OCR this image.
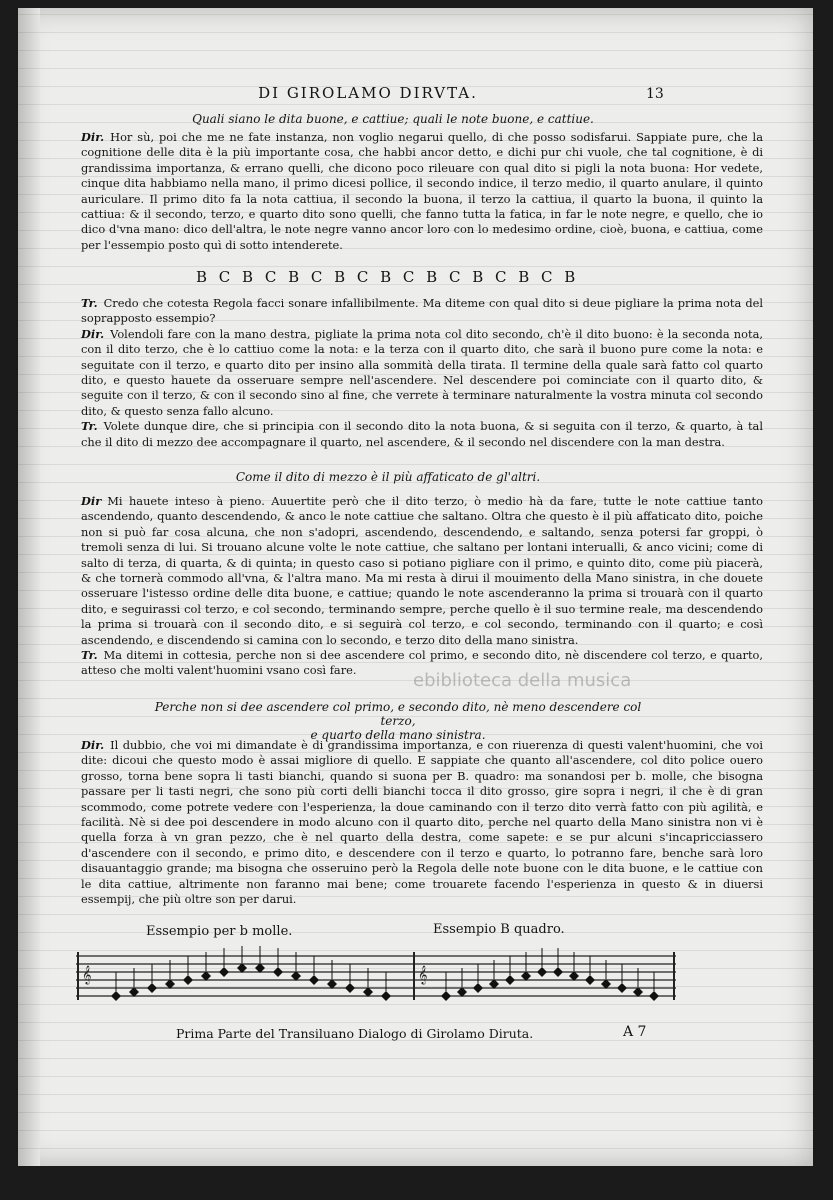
DI GIROLAMO DIRVTA.	13
Quali siano le dita buone, e cattiue; quali le note buone, e cattiue.
Dir. Hor sù, poi che me ne fate instanza, non voglio negarui quello, di che posso sodisfarui. Sappiate pure, che la cognitione delle dita è la più importante cosa, che habbi ancor detto, e dichi pur chi vuole, che tal cognitione, è di grandissima importanza, & errano quelli, che dicono poco rileuare con qual dito si pigli la nota buona: Hor vedete, cinque dita habbiamo nella mano, il primo dicesi pollice, il secondo indice, il terzo medio, il quarto anulare, il quinto auriculare. Il primo dito fa la nota cattiua, il secondo la buona, il terzo la cattiua, il quarto la buona, il quinto la cattiua: & il secondo, terzo, e quarto dito sono quelli, che fanno tutta la fatica, in far le note negre, e quello, che io dico d'vna mano: dico dell'altra, le note negre vanno ancor loro con lo medesimo ordine, cioè, buona, e cattiua, come per l'essempio posto quì di sotto intenderete.
B C B C B C B C B C B C B C B C B
Tr. Credo che cotesta Regola facci sonare infallibilmente. Ma diteme con qual dito si deue pigliare la prima nota del soprapposto essempio?
Dir. Volendoli fare con la mano destra, pigliate la prima nota col dito secondo, ch'è il dito buono: è la seconda nota, con il dito terzo, che è lo cattiuo come la nota: e la terza con il quarto dito, che sarà il buono pure come la nota: e seguitate con il terzo, e quarto dito per insino alla sommità della tirata. Il termine della quale sarà fatto col quarto dito, e questo hauete da osseruare sempre nell'ascendere. Nel descendere poi cominciate con il quarto dito, & seguite con il terzo, & con il secondo sino al fine, che verrete à terminare naturalmente la vostra minuta col secondo dito, & questo senza fallo alcuno.
Tr. Volete dunque dire, che si principia con il secondo dito la nota buona, & si seguita con il terzo, & quarto, à tal che il dito di mezzo dee accompagnare il quarto, nel ascendere, & il secondo nel discendere con la man destra.
Come il dito di mezzo è il più affaticato de gl'altri.
Dir Mi hauete inteso à pieno. Auuertite però che il dito terzo, ò medio hà da fare, tutte le note cattiue tanto ascendendo, quanto descendendo, & anco le note cattiue che saltano. Oltra che questo è il più affaticato dito, poiche non si può far cosa alcuna, che non s'adopri, ascendendo, descendendo, e saltando, senza potersi far groppi, ò tremoli senza di lui. Si trouano alcune volte le note cattiue, che saltano per lontani interualli, & anco vicini; come di salto di terza, di quarta, & di quinta; in questo caso si potiano pigliare con il primo, e quinto dito, come più piacerà, & che tornerà commodo all'vna, & l'altra mano. Ma mi resta à dirui il mouimento della Mano sinistra, in che douete osseruare l'istesso ordine delle dita buone, e cattiue; quando le note ascenderanno la prima si trouarà con il quarto dito, e seguirassi col terzo, e col secondo, terminando sempre, perche quello è il suo termine reale, ma descendendo la prima si trouarà con il secondo dito, e si seguirà col terzo, e col secondo, terminando con il quarto; e così ascendendo, e discendendo si camina con lo secondo, e terzo dito della mano sinistra.
Tr. Ma ditemi in cottesia, perche non si dee ascendere col primo, e secondo dito, nè discendere col terzo, e quarto, atteso che molti valent'huomini vsano così fare.	ebiblioteca della musica
Perche non si dee ascendere col primo, e secondo dito, nè meno descendere col terzo,
e quarto della mano sinistra.
Dir. Il dubbio, che voi mi dimandate è di grandissima importanza, e con riuerenza di questi valent'huomini, che voi dite: dicoui che questo modo è assai migliore di quello. E sappiate che quanto all'ascendere, col dito police ouero grosso, torna bene sopra li tasti bianchi, quando si suona per B. quadro: ma sonandosi per b. molle, che bisogna passare per li tasti negri, che sono più corti delli bianchi tocca il dito grosso, gire sopra i negri, il che è di gran scommodo, come potrete vedere con l'esperienza, la doue caminando con il terzo dito verrà fatto con più agilità, e facilità. Nè si dee poi descendere in modo alcuno con il quarto dito, perche nel quarto della Mano sinistra non vi è quella forza à vn gran pezzo, che è nel quarto della destra, come sapete: e se pur alcuni s'incapricciassero d'ascendere con il secondo, e primo dito, e descendere con il terzo e quarto, lo potranno fare, benche sarà loro disauantaggio grande; ma bisogna che osseruino però la Regola delle note buone con le dita buone, e le cattiue con le dita cattiue, altrimente non faranno mai bene; come trouarete facendo l'esperienza in questo & in diuersi essempij, che più oltre son per darui.
Essempio per b molle.	Essempio B quadro.
𝄞	𝄞
Prima Parte del Transiluano Dialogo di Girolamo Diruta.	A 7
